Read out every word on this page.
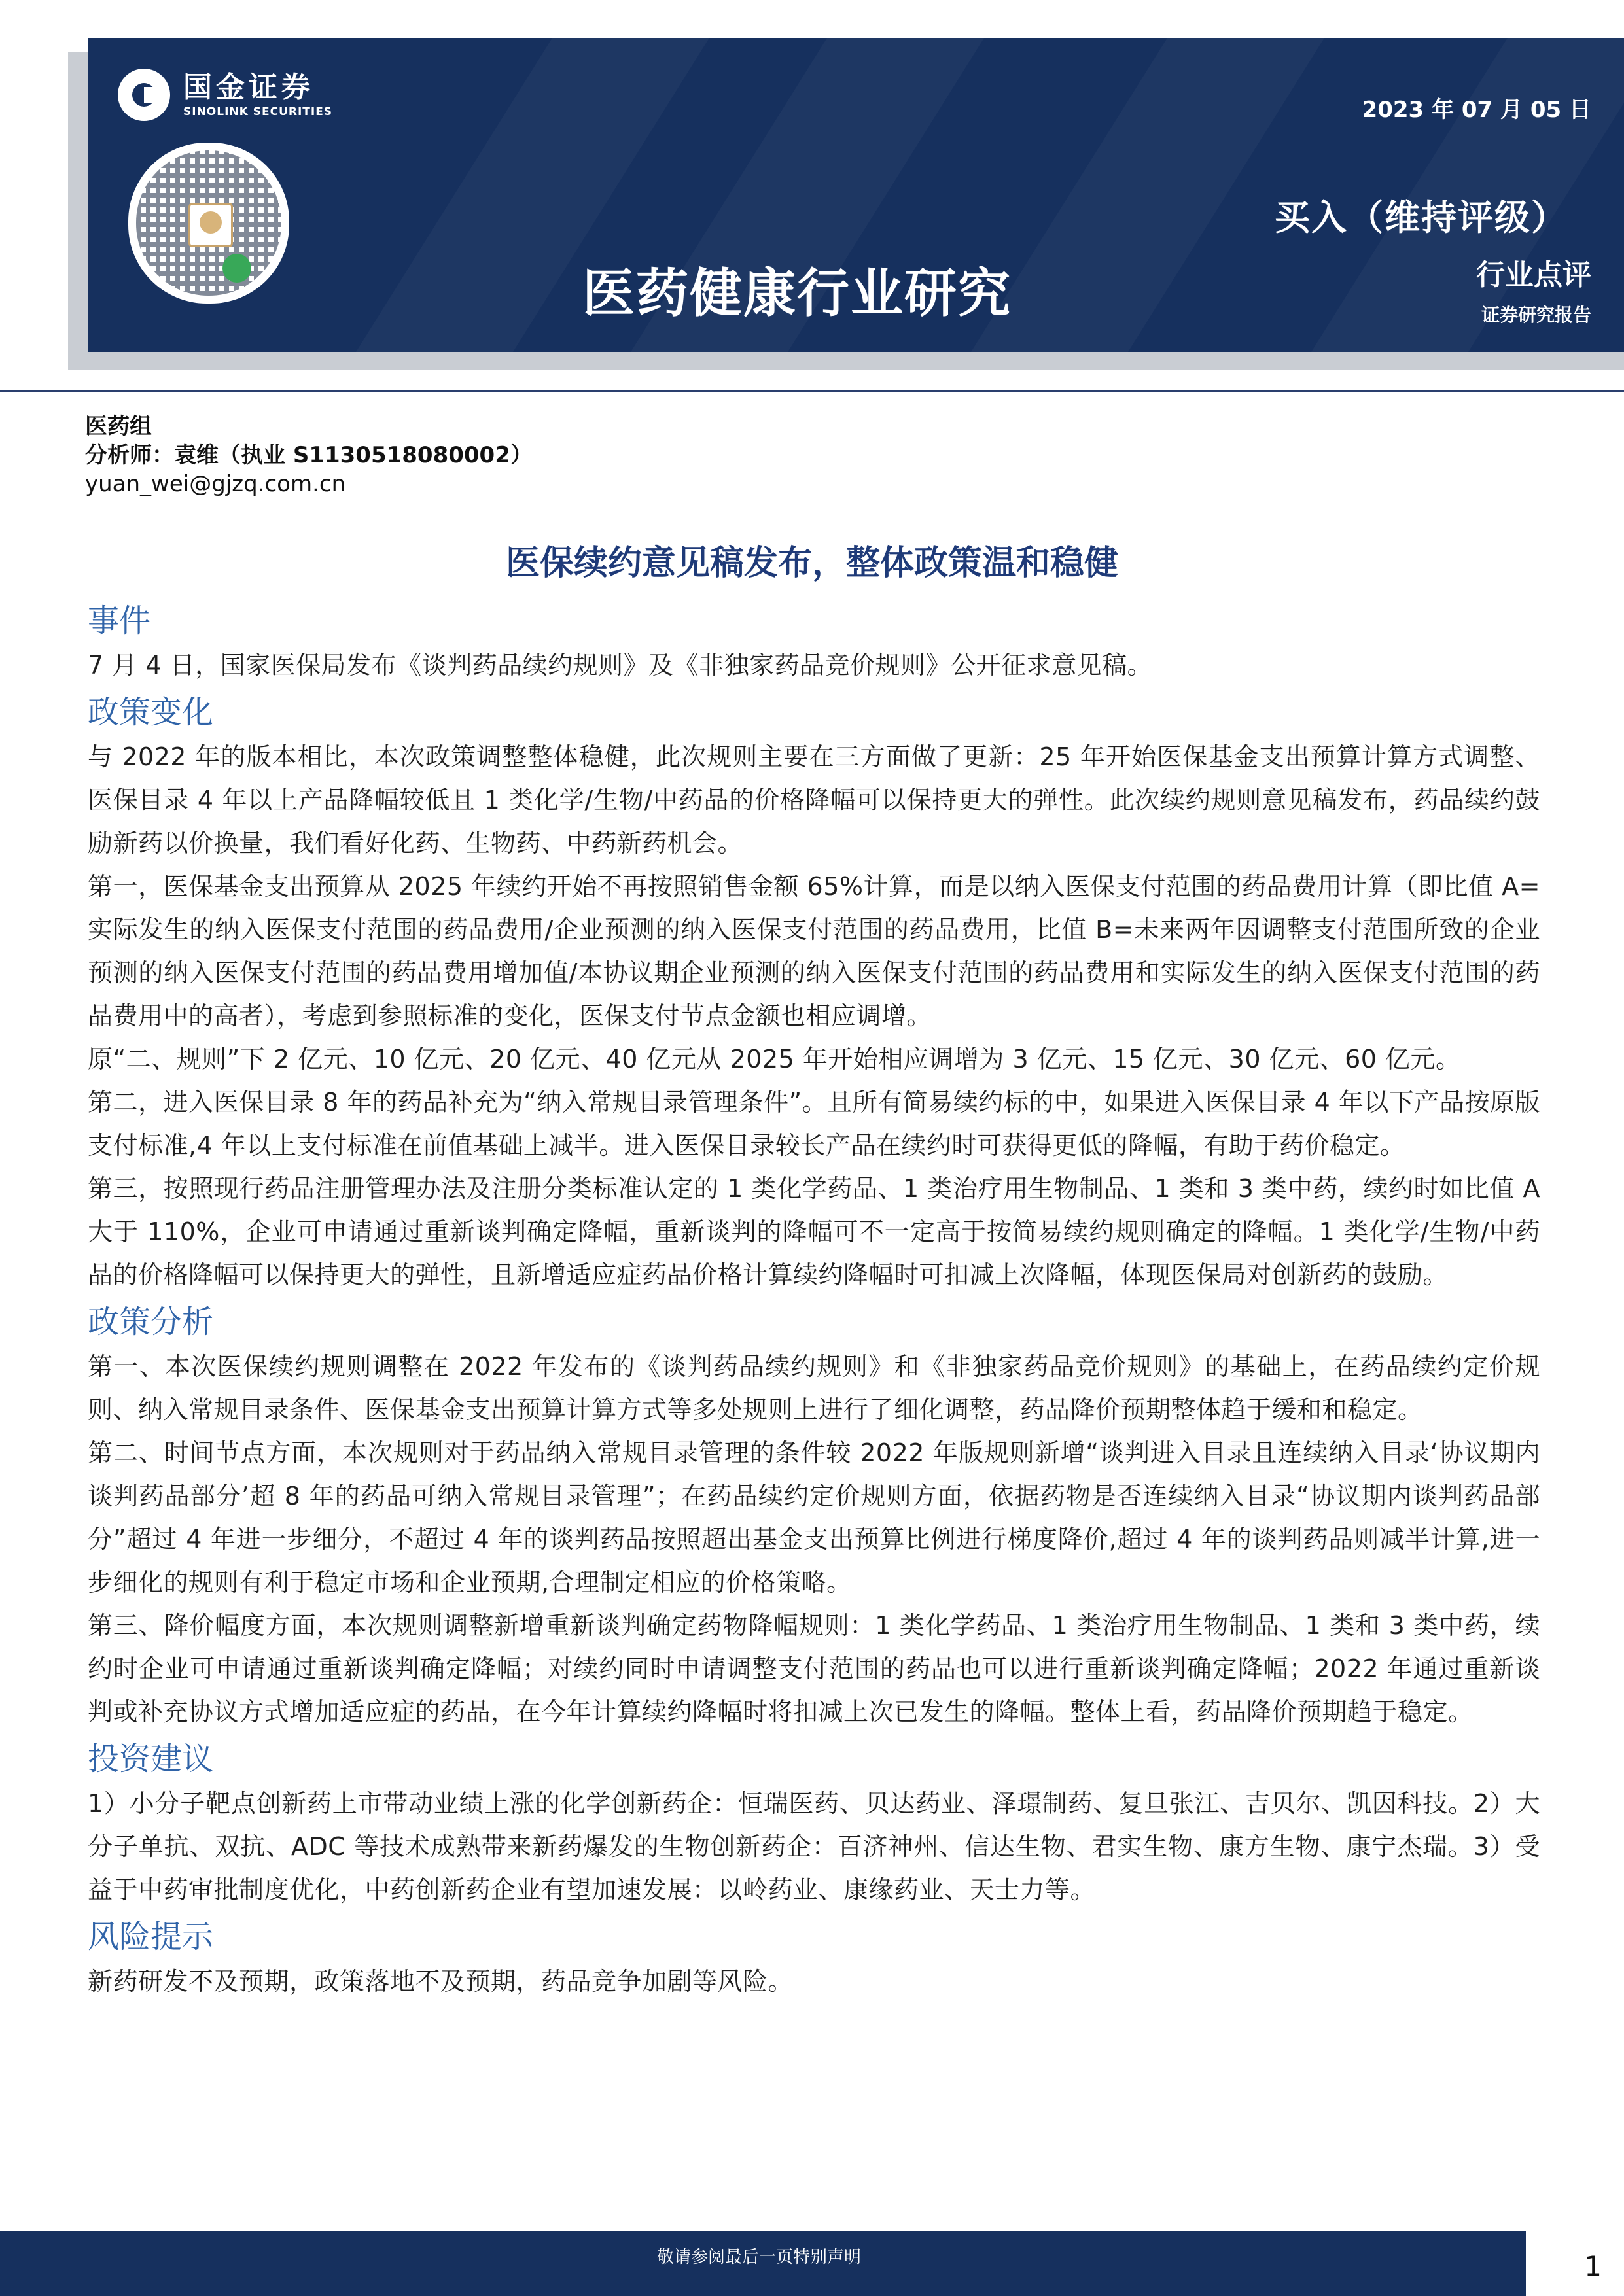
国金证券
SINOLINK SECURITIES	2023 年 07 月 05 日
买入（维持评级）
医药健康行业研究	行业点评
证券研究报告
医药组
分析师：袁维（执业 S1130518080002）
yuan_wei@gjzq.com.cn
医保续约意见稿发布，整体政策温和稳健
事件

7 月 4 日，国家医保局发布《谈判药品续约规则》及《非独家药品竞价规则》公开征求意见稿。

政策变化

与 2022 年的版本相比，本次政策调整整体稳健，此次规则主要在三方面做了更新：25 年开始医保基金支出预算计算方式调整、医保目录 4 年以上产品降幅较低且 1 类化学/生物/中药品的价格降幅可以保持更大的弹性。此次续约规则意见稿发布，药品续约鼓励新药以价换量，我们看好化药、生物药、中药新药机会。

第一，医保基金支出预算从 2025 年续约开始不再按照销售金额 65%计算，而是以纳入医保支付范围的药品费用计算（即比值 A=实际发生的纳入医保支付范围的药品费用/企业预测的纳入医保支付范围的药品费用，比值 B=未来两年因调整支付范围所致的企业预测的纳入医保支付范围的药品费用增加值/本协议期企业预测的纳入医保支付范围的药品费用和实际发生的纳入医保支付范围的药品费用中的高者），考虑到参照标准的变化，医保支付节点金额也相应调增。

原“二、规则”下 2 亿元、10 亿元、20 亿元、40 亿元从 2025 年开始相应调增为 3 亿元、15 亿元、30 亿元、60 亿元。

第二，进入医保目录 8 年的药品补充为“纳入常规目录管理条件”。且所有简易续约标的中，如果进入医保目录 4 年以下产品按原版支付标准,4 年以上支付标准在前值基础上减半。进入医保目录较长产品在续约时可获得更低的降幅，有助于药价稳定。

第三，按照现行药品注册管理办法及注册分类标准认定的 1 类化学药品、1 类治疗用生物制品、1 类和 3 类中药，续约时如比值 A 大于 110%，企业可申请通过重新谈判确定降幅，重新谈判的降幅可不一定高于按简易续约规则确定的降幅。1 类化学/生物/中药品的价格降幅可以保持更大的弹性，且新增适应症药品价格计算续约降幅时可扣减上次降幅，体现医保局对创新药的鼓励。

政策分析

第一、本次医保续约规则调整在 2022 年发布的《谈判药品续约规则》和《非独家药品竞价规则》的基础上，在药品续约定价规则、纳入常规目录条件、医保基金支出预算计算方式等多处规则上进行了细化调整，药品降价预期整体趋于缓和和稳定。

第二、时间节点方面，本次规则对于药品纳入常规目录管理的条件较 2022 年版规则新增“谈判进入目录且连续纳入目录‘协议期内谈判药品部分’超 8 年的药品可纳入常规目录管理”；在药品续约定价规则方面，依据药物是否连续纳入目录“协议期内谈判药品部分”超过 4 年进一步细分，不超过 4 年的谈判药品按照超出基金支出预算比例进行梯度降价,超过 4 年的谈判药品则减半计算,进一步细化的规则有利于稳定市场和企业预期,合理制定相应的价格策略。

第三、降价幅度方面，本次规则调整新增重新谈判确定药物降幅规则：1 类化学药品、1 类治疗用生物制品、1 类和 3 类中药，续约时企业可申请通过重新谈判确定降幅；对续约同时申请调整支付范围的药品也可以进行重新谈判确定降幅；2022 年通过重新谈判或补充协议方式增加适应症的药品，在今年计算续约降幅时将扣减上次已发生的降幅。整体上看，药品降价预期趋于稳定。

投资建议

1）小分子靶点创新药上市带动业绩上涨的化学创新药企：恒瑞医药、贝达药业、泽璟制药、复旦张江、吉贝尔、凯因科技。2）大分子单抗、双抗、ADC 等技术成熟带来新药爆发的生物创新药企：百济神州、信达生物、君实生物、康方生物、康宁杰瑞。3）受益于中药审批制度优化，中药创新药企业有望加速发展：以岭药业、康缘药业、天士力等。

风险提示

新药研发不及预期，政策落地不及预期，药品竞争加剧等风险。

敬请参阅最后一页特别声明	1
